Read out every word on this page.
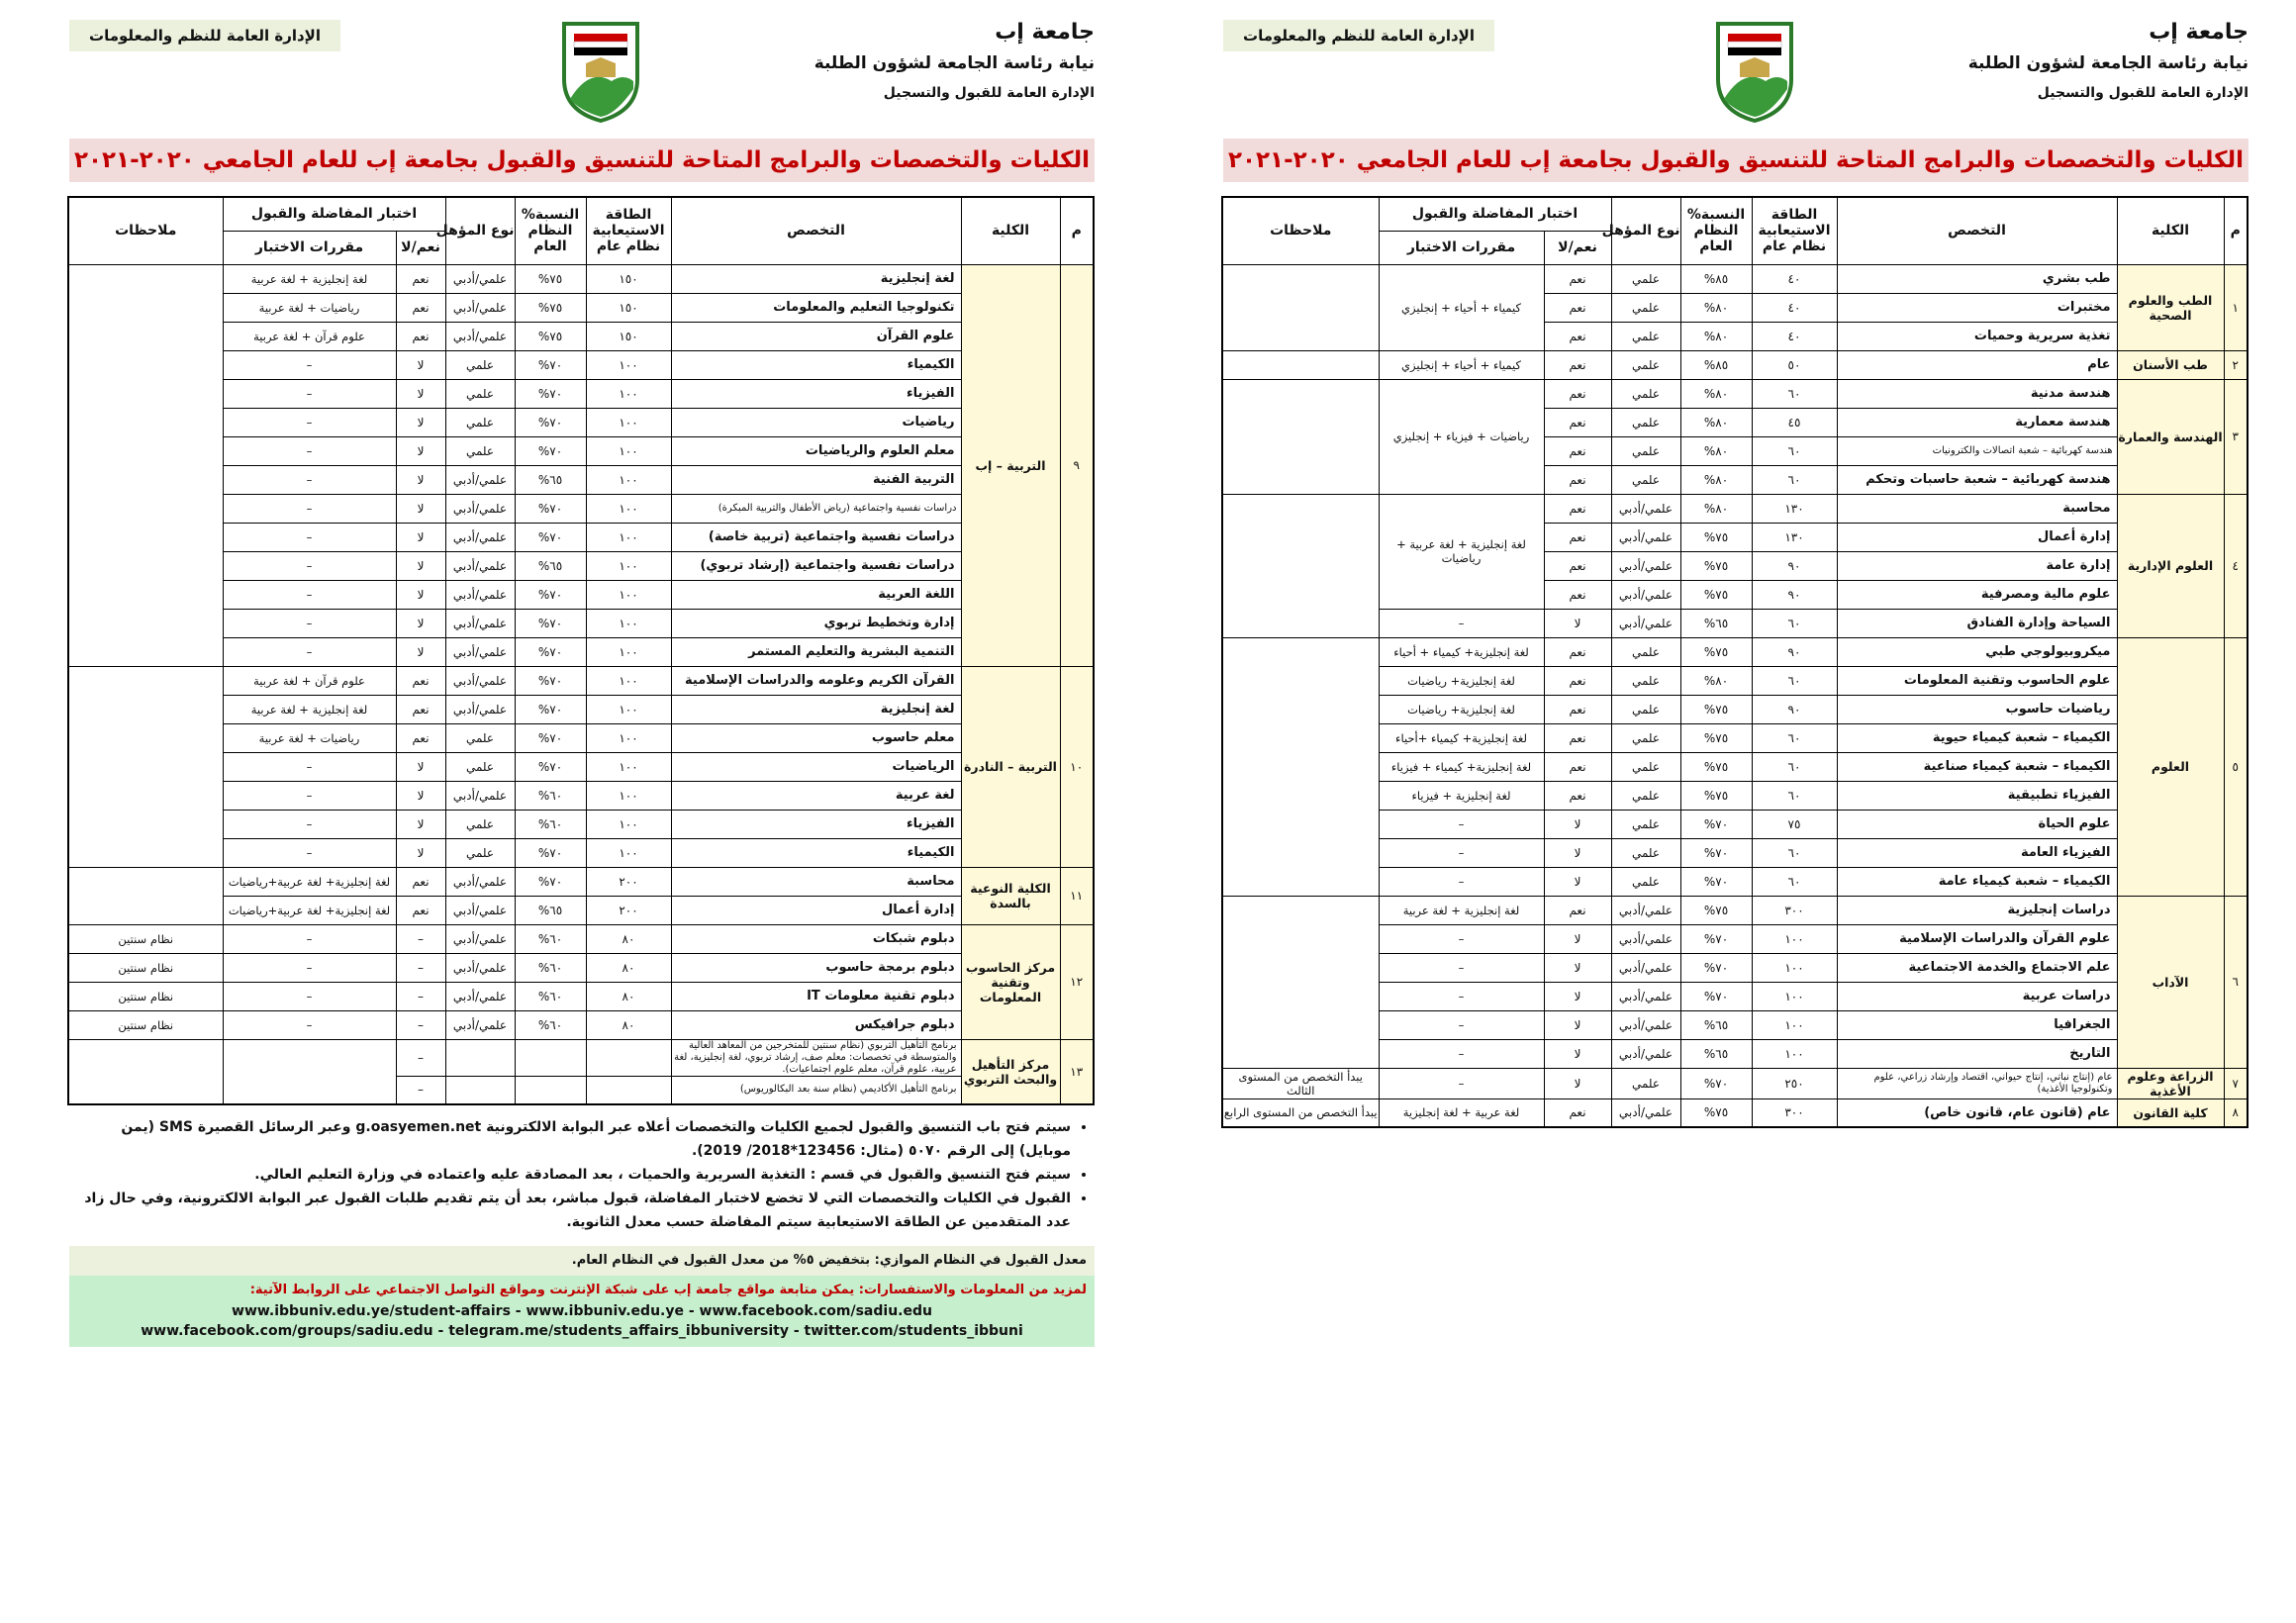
جامعة إب
نيابة رئاسة الجامعة لشؤون الطلبة
الإدارة العامة للقبول والتسجيل
الإدارة العامة للنظم والمعلومات
الكليات والتخصصات والبرامج المتاحة للتنسيق والقبول بجامعة إب للعام الجامعي ٢٠٢٠-٢٠٢١
م	الكلية	التخصص	الطاقة الاستيعابية نظام عام	النسبة% النظام العام	نوع المؤهل	اختبار المفاضلة والقبول		ملاحظات
						نعم/لا	مقررات الاختبار	
١	الطب والعلوم الصحية	طب بشري	٤٠	٨٥%	علمي	نعم	كيمياء + أحياء + إنجليزي	
		مختبرات	٤٠	٨٠%	علمي	نعم		
		تغذية سريرية وحميات	٤٠	٨٠%	علمي	نعم		
٢	طب الأسنان	عام	٥٠	٨٥%	علمي	نعم	كيمياء + أحياء + إنجليزي	
٣	الهندسة والعمارة	هندسة مدنية	٦٠	٨٠%	علمي	نعم	رياضيات + فيزياء + إنجليزي	
		هندسة معمارية	٤٥	٨٠%	علمي	نعم		
		هندسة كهربائية – شعبة اتصالات والكترونيات	٦٠	٨٠%	علمي	نعم		
		هندسة كهربائية – شعبة حاسبات وتحكم	٦٠	٨٠%	علمي	نعم		
٤	العلوم الإدارية	محاسبة	١٣٠	٨٠%	علمي/أدبي	نعم	لغة إنجليزية + لغة عربية + رياضيات	
		إدارة أعمال	١٣٠	٧٥%	علمي/أدبي	نعم		
		إدارة عامة	٩٠	٧٥%	علمي/أدبي	نعم		
		علوم مالية ومصرفية	٩٠	٧٥%	علمي/أدبي	نعم		
		السياحة وإدارة الفنادق	٦٠	٦٥%	علمي/أدبي	لا	–	
٥	العلوم	ميكروبيولوجي طبي	٩٠	٧٥%	علمي	نعم	لغة إنجليزية+ كيمياء + أحياء	
		علوم الحاسوب وتقنية المعلومات	٦٠	٨٠%	علمي	نعم	لغة إنجليزية+ رياضيات	
		رياضيات حاسوب	٩٠	٧٥%	علمي	نعم	لغة إنجليزية+ رياضيات	
		الكيمياء – شعبة كيمياء حيوية	٦٠	٧٥%	علمي	نعم	لغة إنجليزية+ كيمياء +أحياء	
		الكيمياء – شعبة كيمياء صناعية	٦٠	٧٥%	علمي	نعم	لغة إنجليزية+ كيمياء + فيزياء	
		الفيزياء تطبيقية	٦٠	٧٥%	علمي	نعم	لغة إنجليزية + فيزياء	
		علوم الحياة	٧٥	٧٠%	علمي	لا	–	
		الفيزياء العامة	٦٠	٧٠%	علمي	لا	–	
		الكيمياء – شعبة كيمياء عامة	٦٠	٧٠%	علمي	لا	–	
٦	الآداب	دراسات إنجليزية	٣٠٠	٧٥%	علمي/أدبي	نعم	لغة إنجليزية + لغة عربية	
		علوم القرآن والدراسات الإسلامية	١٠٠	٧٠%	علمي/أدبي	لا	–	
		علم الاجتماع والخدمة الاجتماعية	١٠٠	٧٠%	علمي/أدبي	لا	–	
		دراسات عربية	١٠٠	٧٠%	علمي/أدبي	لا	–	
		الجغرافيا	١٠٠	٦٥%	علمي/أدبي	لا	–	
		التاريخ	١٠٠	٦٥%	علمي/أدبي	لا	–	
٧	الزراعة وعلوم الأغذية	عام (إنتاج نباتي، إنتاج حيواني، اقتصاد وإرشاد زراعي، علوم وتكنولوجيا الأغذية)	٢٥٠	٧٠%	علمي	لا	–	يبدأ التخصص من المستوى الثالث
٨	كلية القانون	عام (قانون عام، قانون خاص)	٣٠٠	٧٥%	علمي/أدبي	نعم	لغة عربية + لغة إنجليزية	يبدأ التخصص من المستوى الرابع
جامعة إب
نيابة رئاسة الجامعة لشؤون الطلبة
الإدارة العامة للقبول والتسجيل
الإدارة العامة للنظم والمعلومات
الكليات والتخصصات والبرامج المتاحة للتنسيق والقبول بجامعة إب للعام الجامعي ٢٠٢٠-٢٠٢١
م	الكلية	التخصص	الطاقة الاستيعابية نظام عام	النسبة% النظام العام	نوع المؤهل	اختبار المفاضلة والقبول		ملاحظات
						نعم/لا	مقررات الاختبار	
٩	التربية – إب	لغة إنجليزية	١٥٠	٧٥%	علمي/أدبي	نعم	لغة إنجليزية + لغة عربية	
		تكنولوجيا التعليم والمعلومات	١٥٠	٧٥%	علمي/أدبي	نعم	رياضيات + لغة عربية	
		علوم القرآن	١٥٠	٧٥%	علمي/أدبي	نعم	علوم قرآن + لغة عربية	
		الكيمياء	١٠٠	٧٠%	علمي	لا	–	
		الفيزياء	١٠٠	٧٠%	علمي	لا	–	
		رياضيات	١٠٠	٧٠%	علمي	لا	–	
		معلم العلوم والرياضيات	١٠٠	٧٠%	علمي	لا	–	
		التربية الفنية	١٠٠	٦٥%	علمي/أدبي	لا	–	
		دراسات نفسية واجتماعية (رياض الأطفال والتربية المبكرة)	١٠٠	٧٠%	علمي/أدبي	لا	–	
		دراسات نفسية واجتماعية (تربية خاصة)	١٠٠	٧٠%	علمي/أدبي	لا	–	
		دراسات نفسية واجتماعية (إرشاد تربوي)	١٠٠	٦٥%	علمي/أدبي	لا	–	
		اللغة العربية	١٠٠	٧٠%	علمي/أدبي	لا	–	
		إدارة وتخطيط تربوي	١٠٠	٧٠%	علمي/أدبي	لا	–	
		التنمية البشرية والتعليم المستمر	١٠٠	٧٠%	علمي/أدبي	لا	–	
١٠	التربية – النادرة	القرآن الكريم وعلومه والدراسات الإسلامية	١٠٠	٧٠%	علمي/أدبي	نعم	علوم قرآن + لغة عربية	
		لغة إنجليزية	١٠٠	٧٠%	علمي/أدبي	نعم	لغة إنجليزية + لغة عربية	
		معلم حاسوب	١٠٠	٧٠%	علمي	نعم	رياضيات + لغة عربية	
		الرياضيات	١٠٠	٧٠%	علمي	لا	–	
		لغة عربية	١٠٠	٦٠%	علمي/أدبي	لا	–	
		الفيزياء	١٠٠	٦٠%	علمي	لا	–	
		الكيمياء	١٠٠	٧٠%	علمي	لا	–	
١١	الكلية النوعية بالسدة	محاسبة	٢٠٠	٧٠%	علمي/أدبي	نعم	لغة إنجليزية+ لغة عربية+رياضيات	
		إدارة أعمال	٢٠٠	٦٥%	علمي/أدبي	نعم	لغة إنجليزية+ لغة عربية+رياضيات	
١٢	مركز الحاسوب وتقنية المعلومات	دبلوم شبكات	٨٠	٦٠%	علمي/أدبي	–	–	نظام سنتين
		دبلوم برمجة حاسوب	٨٠	٦٠%	علمي/أدبي	–	–	نظام سنتين
		دبلوم تقنية معلومات IT	٨٠	٦٠%	علمي/أدبي	–	–	نظام سنتين
		دبلوم جرافيكس	٨٠	٦٠%	علمي/أدبي	–	–	نظام سنتين
١٣	مركز التأهيل والبحث التربوي	برنامج التأهيل التربوي (نظام سنتين للمتخرجين من المعاهد العالية والمتوسطة في تخصصات: معلم صف، إرشاد تربوي، لغة إنجليزية، لغة عربية، علوم قرآن، معلم علوم اجتماعيات).				–		
		برنامج التأهيل الأكاديمي (نظام سنة بعد البكالوريوس)				–		
• سيتم فتح باب التنسيق والقبول لجميع الكليات والتخصصات أعلاه عبر البوابة الالكترونية g.oasyemen.net وعبر الرسائل القصيرة SMS (يمن موبايل) إلى الرقم ٥٠٧٠ (مثال: 123456*2018/ 2019).
• سيتم فتح التنسيق والقبول في قسم : التغذية السريرية والحميات ، بعد المصادقة عليه واعتماده في وزارة التعليم العالي.
• القبول في الكليات والتخصصات التي لا تخضع لاختبار المفاضلة، قبول مباشر، بعد أن يتم تقديم طلبات القبول عبر البوابة الالكترونية، وفي حال زاد عدد المتقدمين عن الطاقة الاستيعابية سيتم المفاضلة حسب معدل الثانوية.
معدل القبول في النظام الموازي: بتخفيض ٥% من معدل القبول في النظام العام.
لمزيد من المعلومات والاستفسارات: يمكن متابعة مواقع جامعة إب على شبكة الإنترنت ومواقع التواصل الاجتماعي على الروابط الآتية:
www.ibbuniv.edu.ye/student-affairs - www.ibbuniv.edu.ye - www.facebook.com/sadiu.edu
www.facebook.com/groups/sadiu.edu - telegram.me/students_affairs_ibbuniversity - twitter.com/students_ibbuni
